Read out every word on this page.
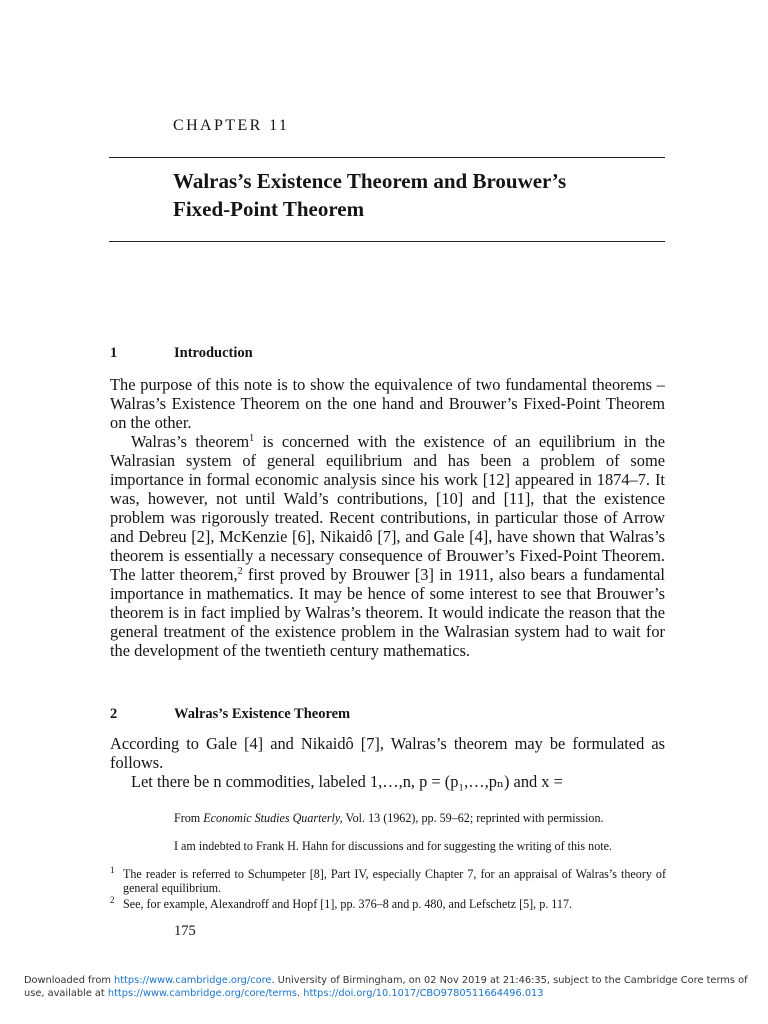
CHAPTER 11
Walras’s Existence Theorem and Brouwer’s
Fixed-Point Theorem
1	Introduction

The purpose of this note is to show the equivalence of two fundamental theorems – Walras’s Existence Theorem on the one hand and Brouwer’s Fixed-Point Theorem on the other.

Walras’s theorem$^1$ is concerned with the existence of an equilibrium in the Walrasian system of general equilibrium and has been a problem of some importance in formal economic analysis since his work [12] appeared in 1874–7. It was, however, not until Wald’s contributions, [10] and [11], that the existence problem was rigorously treated. Recent contributions, in particular those of Arrow and Debreu [2], McKenzie [6], Nikaidô [7], and Gale [4], have shown that Walras’s theorem is essentially a necessary consequence of Brouwer’s Fixed-Point Theorem. The latter theorem,$^2$ first proved by Brouwer [3] in 1911, also bears a fundamental importance in mathematics. It may be hence of some interest to see that Brouwer’s theorem is in fact implied by Walras’s theorem. It would indicate the reason that the general treatment of the existence problem in the Walrasian system had to wait for the development of the twentieth century mathematics.

2	Walras’s Existence Theorem

According to Gale [4] and Nikaidô [7], Walras’s theorem may be formulated as follows.

Let there be n commodities, labeled 1,…,n, p = (p₁,…,pₙ) and x =

From Economic Studies Quarterly, Vol. 13 (1962), pp. 59–62; reprinted with permission.

I am indebted to Frank H. Hahn for discussions and for suggesting the writing of this note.

1 The reader is referred to Schumpeter [8], Part IV, especially Chapter 7, for an appraisal of Walras’s theory of general equilibrium.

2 See, for example, Alexandroff and Hopf [1], pp. 376–8 and p. 480, and Lefschetz [5], p. 117.

175
Downloaded from https://www.cambridge.org/core. University of Birmingham, on 02 Nov 2019 at 21:46:35, subject to the Cambridge Core terms of use, available at https://www.cambridge.org/core/terms. https://doi.org/10.1017/CBO9780511664496.013
